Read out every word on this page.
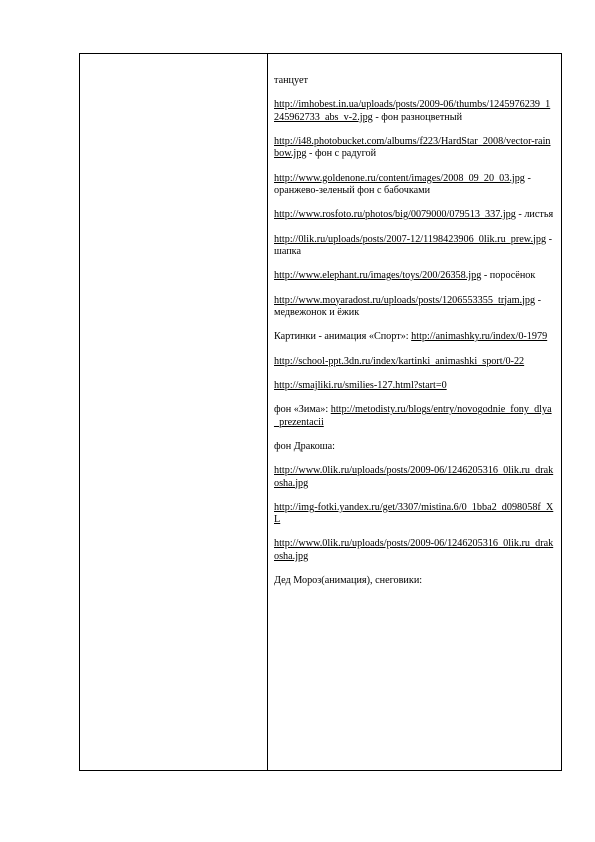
танцует

http://imhobest.in.ua/uploads/posts/2009-06/thumbs/1245976239_1245962733_abs_v-2.jpg - фон разноцветный

http://i48.photobucket.com/albums/f223/HardStar_2008/vector-rainbow.jpg - фон с радугой

http://www.goldenone.ru/content/images/2008_09_20_03.jpg - оранжево-зеленый фон с бабочками

http://www.rosfoto.ru/photos/big/0079000/079513_337.jpg - листья

http://0lik.ru/uploads/posts/2007-12/1198423906_0lik.ru_prew.jpg - шапка

http://www.elephant.ru/images/toys/200/26358.jpg - поросёнок

http://www.moyaradost.ru/uploads/posts/1206553355_trjam.jpg - медвежонок и ёжик

Картинки - анимация «Спорт»: http://animashky.ru/index/0-1979

http://school-ppt.3dn.ru/index/kartinki_animashki_sport/0-22

http://smajliki.ru/smilies-127.html?start=0

фон «Зима»: http://metodisty.ru/blogs/entry/novogodnie_fony_dlya_prezentacii

фон Дракоша:

http://www.0lik.ru/uploads/posts/2009-06/1246205316_0lik.ru_drakosha.jpg

http://img-fotki.yandex.ru/get/3307/mistina.6/0_1bba2_d098058f_XL

http://www.0lik.ru/uploads/posts/2009-06/1246205316_0lik.ru_drakosha.jpg

Дед Мороз(анимация), снеговики:
